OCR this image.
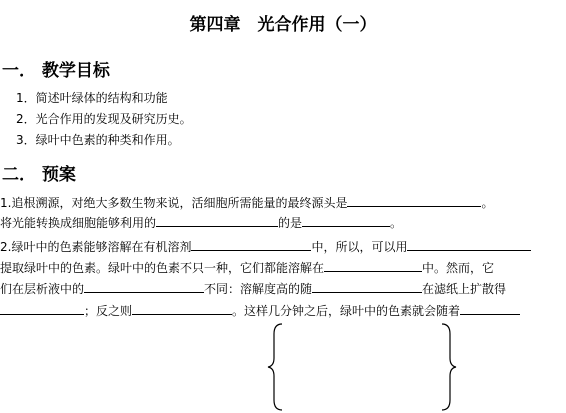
第四章　光合作用（一）
一． 教学目标
1．简述叶绿体的结构和功能
2．光合作用的发现及研究历史。
3．绿叶中色素的种类和作用。
二． 预案
1.追根溯源，对绝大多数生物来说，活细胞所需能量的最终源头是	。
将光能转换成细胞能够利用的	的是	。
2.绿叶中的色素能够溶解在有机溶剂	中，所以，可以用
提取绿叶中的色素。绿叶中的色素不只一种，它们都能溶解在	中。然而，它
们在层析液中的	不同：溶解度高的随	在滤纸上扩散得
；反之则	。这样几分钟之后，绿叶中的色素就会随着
